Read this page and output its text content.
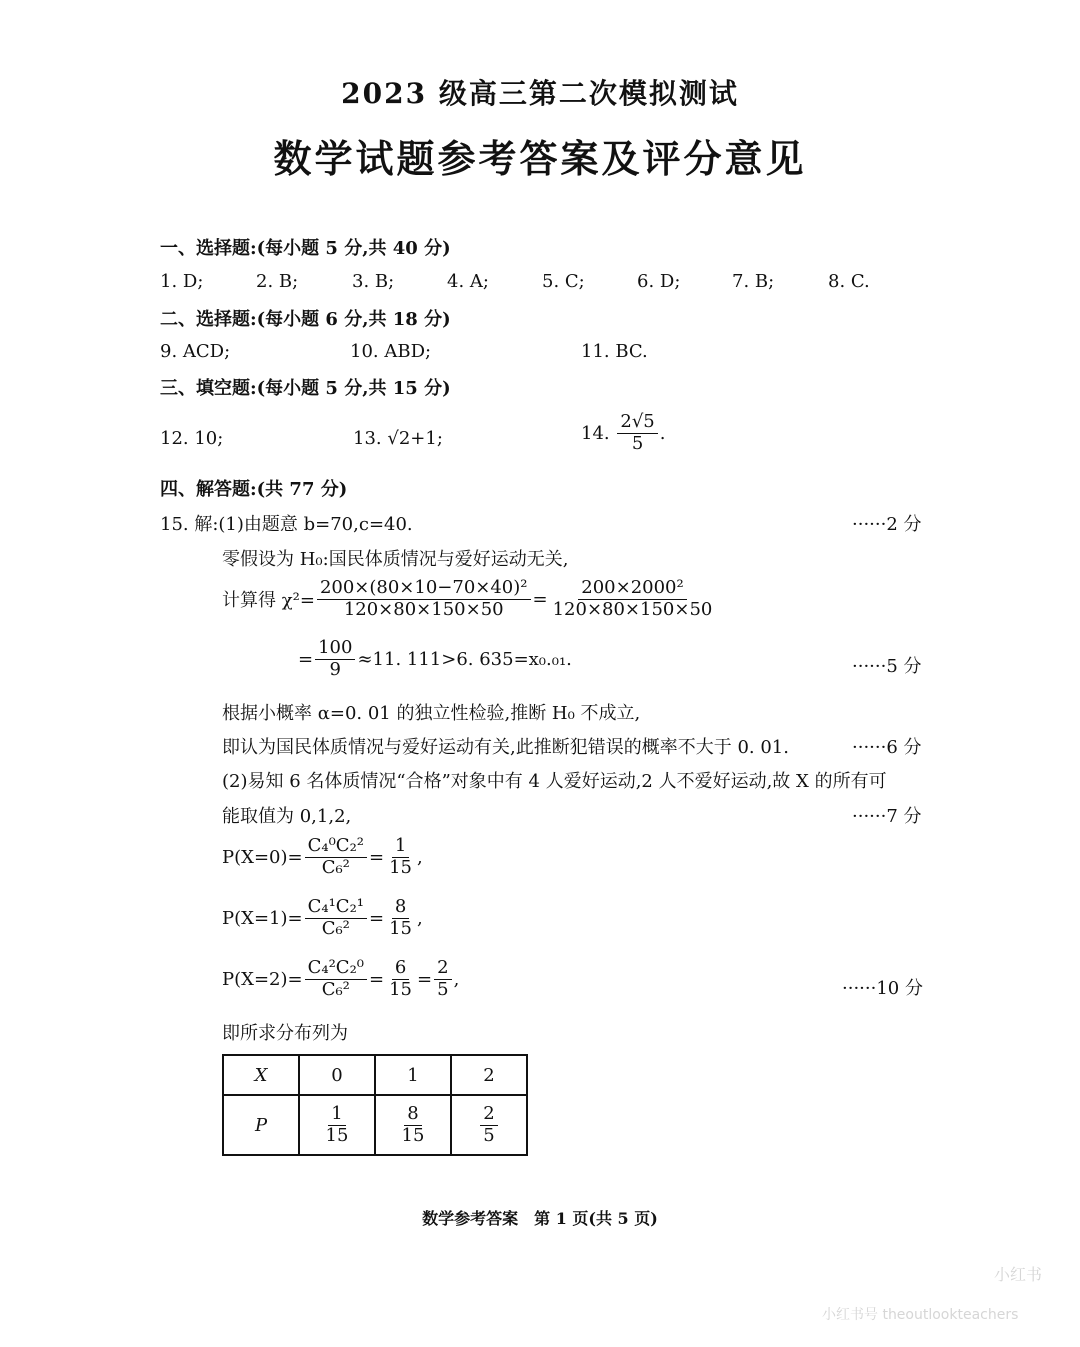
2023 级高三第二次模拟测试
数学试题参考答案及评分意见
一、选择题:(每小题 5 分,共 40 分)
1. D;	2. B;	3. B;	4. A;	5. C;	6. D;	7. B;	8. C.
二、选择题:(每小题 6 分,共 18 分)
9. ACD;	10. ABD;	11. BC.
三、填空题:(每小题 5 分,共 15 分)
12. 10;	13.
√2+1;	14.
$\frac{2√5}{5}$ .
四、解答题:(共 77 分)
15. 解:(1)由题意 b=70,c=40.	······2 分
零假设为 H₀:国民体质情况与爱好运动无关,
计算得 $\chi^2= \frac{\text{200×(80×10−70×40)²}}{120\times 80\times 150\times 50} = \frac{\text{200×2000²}}{120\times 80\times 150\times 50}$
= $\frac{100}{9} \approx 11$. 111>6. 635=x₀.₀₁.	······5 分
根据小概率 α=0. 01 的独立性检验,推断 H₀ 不成立,
即认为国民体质情况与爱好运动有关,此推断犯错误的概率不大于 0. 01.	······6 分
(2)易知 6 名体质情况“合格”对象中有 4 人爱好运动,2 人不爱好运动,故 X 的所有可
能取值为 0,1,2,	······7 分
$P(X=0)= \frac{\text{C₄⁰C₂²}}{\text{C₆²}} = \frac{1}{15}$ ,
$P(X=1)= \frac{\text{C₄¹C₂¹}}{\text{C₆²}} = \frac{8}{15}$ ,
$P(X=2)= \frac{\text{C₄²C₂⁰}}{\text{C₆²}} = \frac{6}{15} = \frac{2}{5}$ ,	······10 分
即所求分布列为
X	0	1	2
P	$\frac{1}{15}$	$\frac{8}{15}$	$\frac{2}{5}$
数学参考答案　第 1 页(共 5 页)
小红书
小红书号 theoutlookteachers
